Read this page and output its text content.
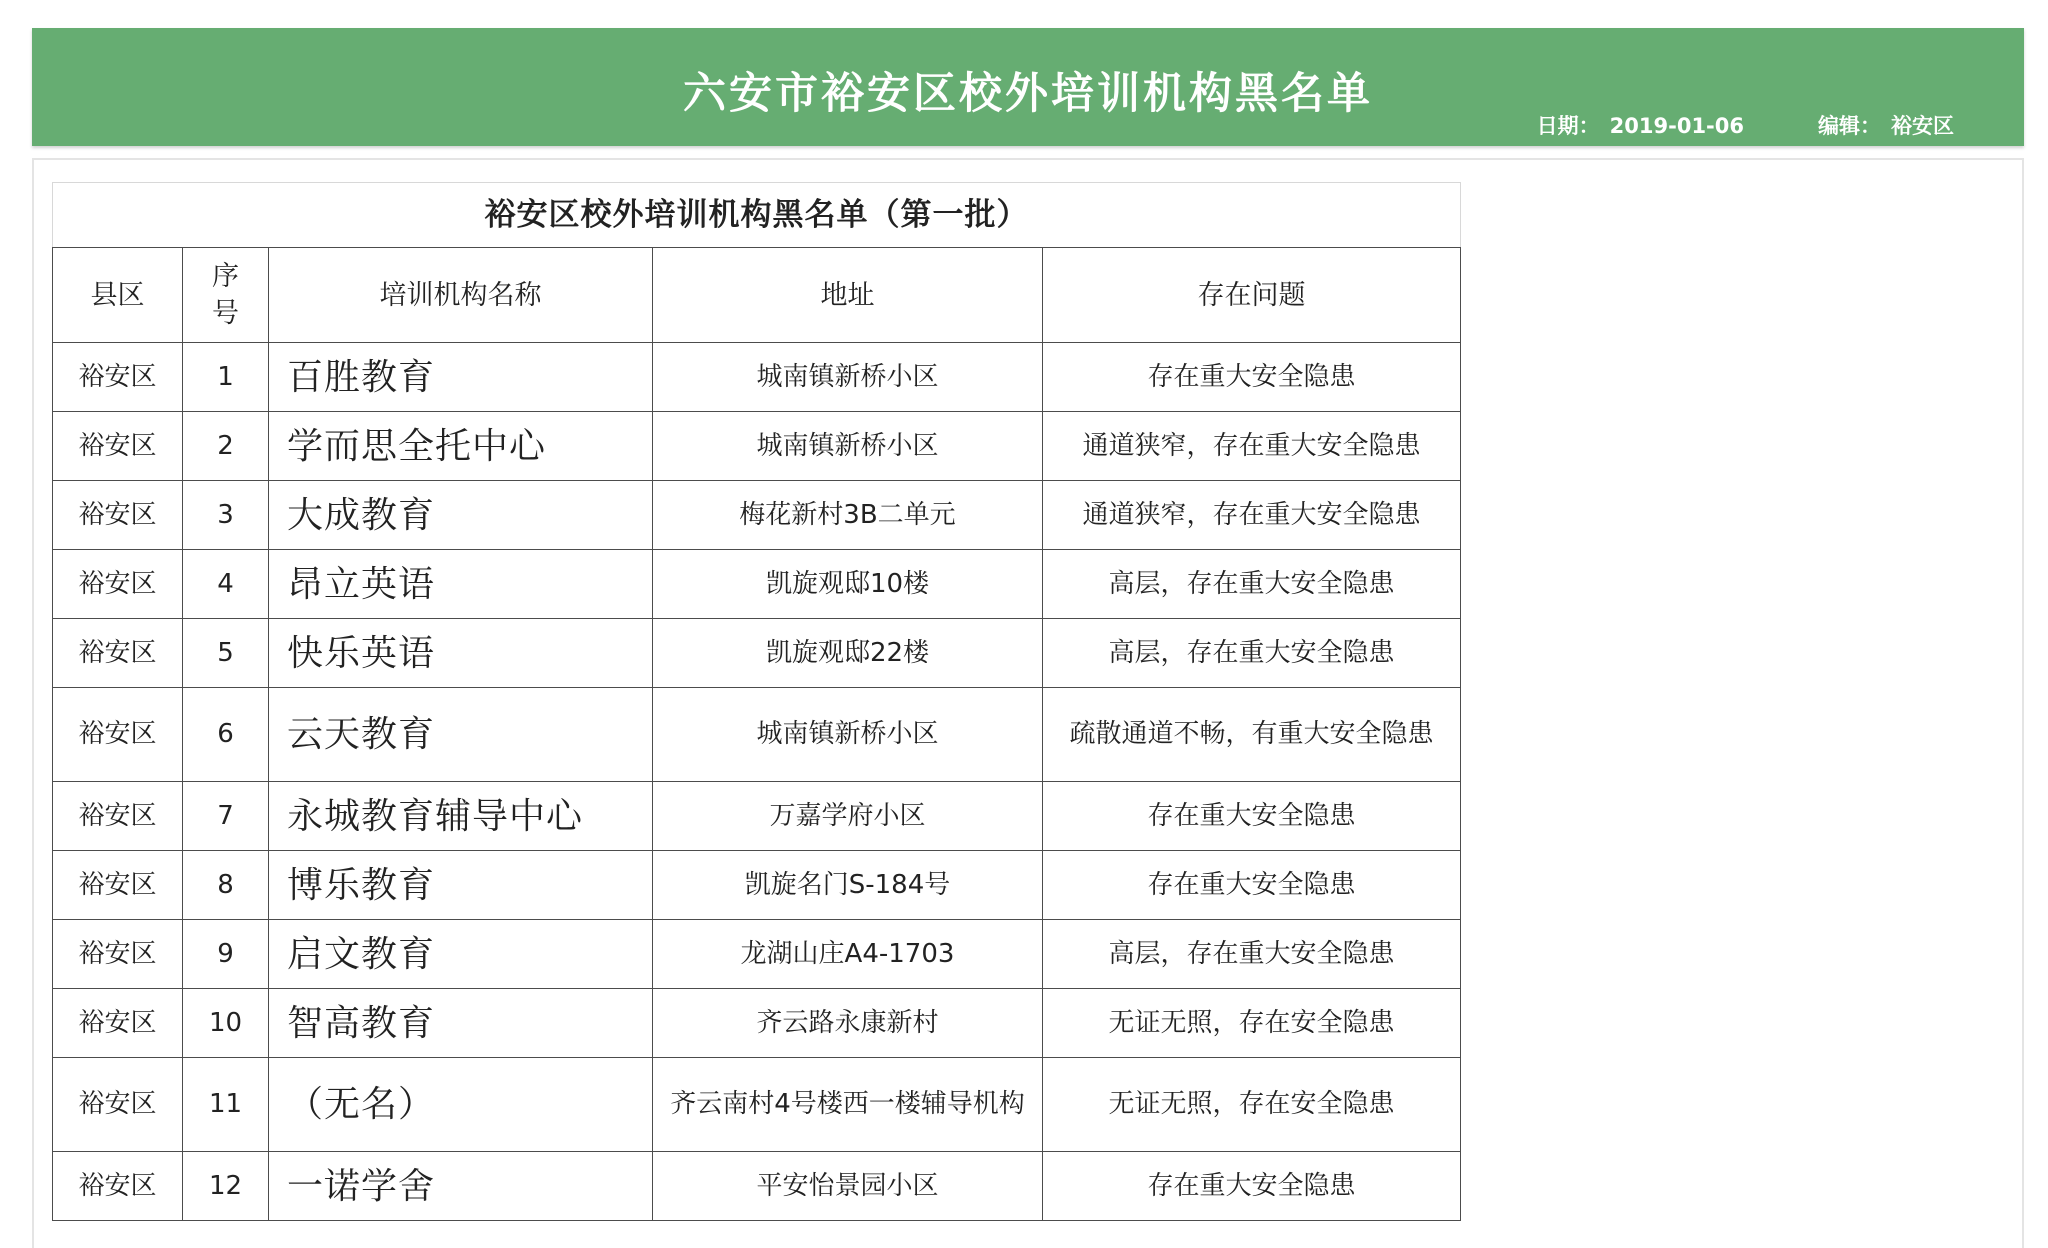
六安市裕安区校外培训机构黑名单
日期： 2019-01-06	编辑： 裕安区
裕安区校外培训机构黑名单（第一批）				
县区	序号	培训机构名称	地址	存在问题
裕安区	1	百胜教育	城南镇新桥小区	存在重大安全隐患
裕安区	2	学而思全托中心	城南镇新桥小区	通道狭窄，存在重大安全隐患
裕安区	3	大成教育	梅花新村3B二单元	通道狭窄，存在重大安全隐患
裕安区	4	昂立英语	凯旋观邸10楼	高层，存在重大安全隐患
裕安区	5	快乐英语	凯旋观邸22楼	高层，存在重大安全隐患
裕安区	6	云天教育	城南镇新桥小区	疏散通道不畅，有重大安全隐患
裕安区	7	永城教育辅导中心	万嘉学府小区	存在重大安全隐患
裕安区	8	博乐教育	凯旋名门S-184号	存在重大安全隐患
裕安区	9	启文教育	龙湖山庄A4-1703	高层，存在重大安全隐患
裕安区	10	智高教育	齐云路永康新村	无证无照，存在安全隐患
裕安区	11	（无名）	齐云南村4号楼西一楼辅导机构	无证无照，存在安全隐患
裕安区	12	一诺学舍	平安怡景园小区	存在重大安全隐患
